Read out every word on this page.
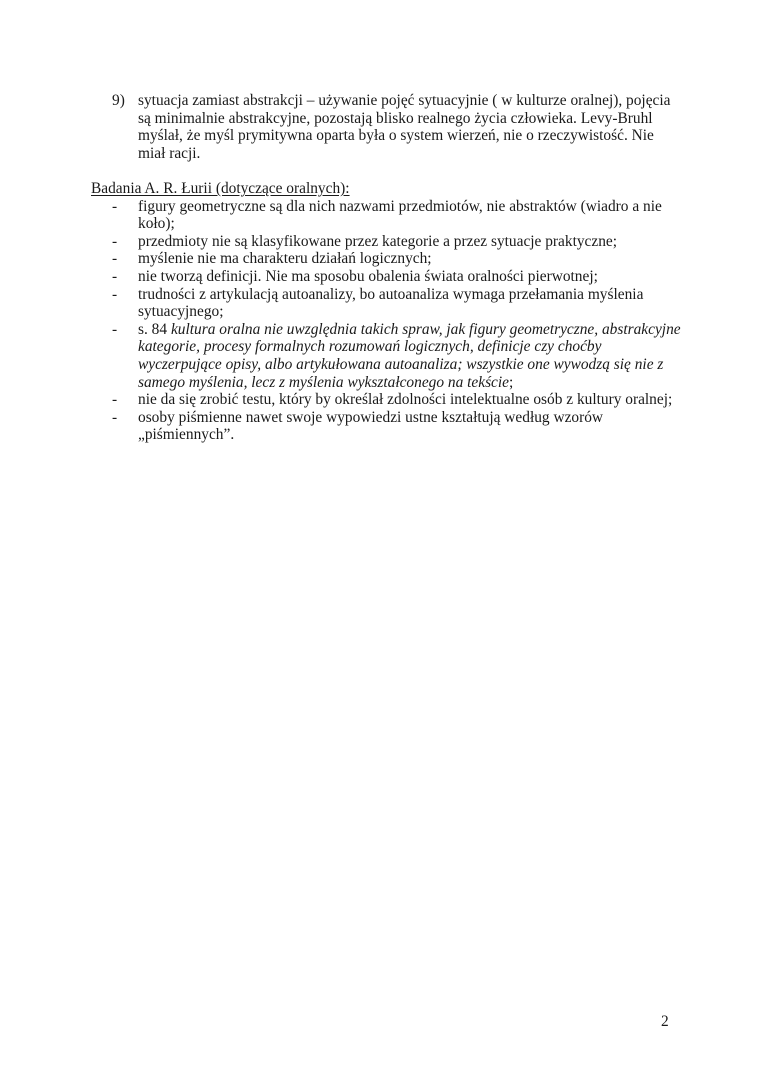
9) sytuacja zamiast abstrakcji – używanie pojęć sytuacyjnie ( w kulturze oralnej), pojęcia są minimalnie abstrakcyjne, pozostają blisko realnego życia człowieka. Levy-Bruhl myślał, że myśl prymitywna oparta była o system wierzeń, nie o rzeczywistość. Nie miał racji.
Badania A. R. Łurii (dotyczące oralnych):
- figury geometryczne są dla nich nazwami przedmiotów, nie abstraktów (wiadro a nie koło);
- przedmioty nie są klasyfikowane przez kategorie a przez sytuacje praktyczne;
- myślenie nie ma charakteru działań logicznych;
- nie tworzą definicji. Nie ma sposobu obalenia świata oralności pierwotnej;
- trudności z artykulacją autoanalizy, bo autoanaliza wymaga przełamania myślenia sytuacyjnego;
- s. 84 kultura oralna nie uwzględnia takich spraw, jak figury geometryczne, abstrakcyjne kategorie, procesy formalnych rozumowań logicznych, definicje czy choćby wyczerpujące opisy, albo artykułowana autoanaliza; wszystkie one wywodzą się nie z samego myślenia, lecz z myślenia wykształconego na tekście;
- nie da się zrobić testu, który by określał zdolności intelektualne osób z kultury oralnej;
- osoby piśmienne nawet swoje wypowiedzi ustne kształtują według wzorów „piśmiennych”.
2
